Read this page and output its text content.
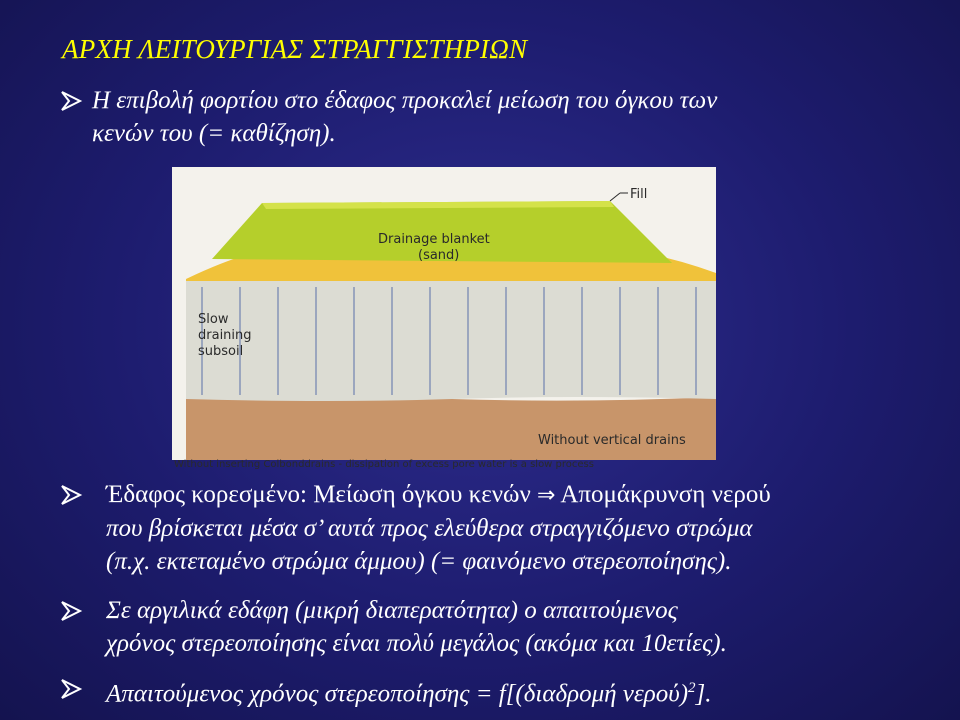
ΑΡΧΗ ΛΕΙΤΟΥΡΓΙΑΣ ΣΤΡΑΓΓΙΣΤΗΡΙΩΝ
Η επιβολή φορτίου στο έδαφος προκαλεί μείωση του όγκου των
κενών του (= καθίζηση).
Fill
Drainage blanket
(sand)
Slow
draining
subsoil
Without vertical drains
Without inserting Colbonddrains - dissipation of excess pore water is a slow process
Έδαφος κορεσμένο: Μείωση όγκου κενών ⇒ Απομάκρυνση νερού
που βρίσκεται μέσα σ’ αυτά προς ελεύθερα στραγγιζόμενο στρώμα
(π.χ. εκτεταμένο στρώμα άμμου) (= φαινόμενο στερεοποίησης).
Σε αργιλικά εδάφη (μικρή διαπερατότητα) ο απαιτούμενος
χρόνος στερεοποίησης είναι πολύ μεγάλος (ακόμα και 10ετίες).
Απαιτούμενος χρόνος στερεοποίησης = f[(διαδρομή νερού)$^2$].
